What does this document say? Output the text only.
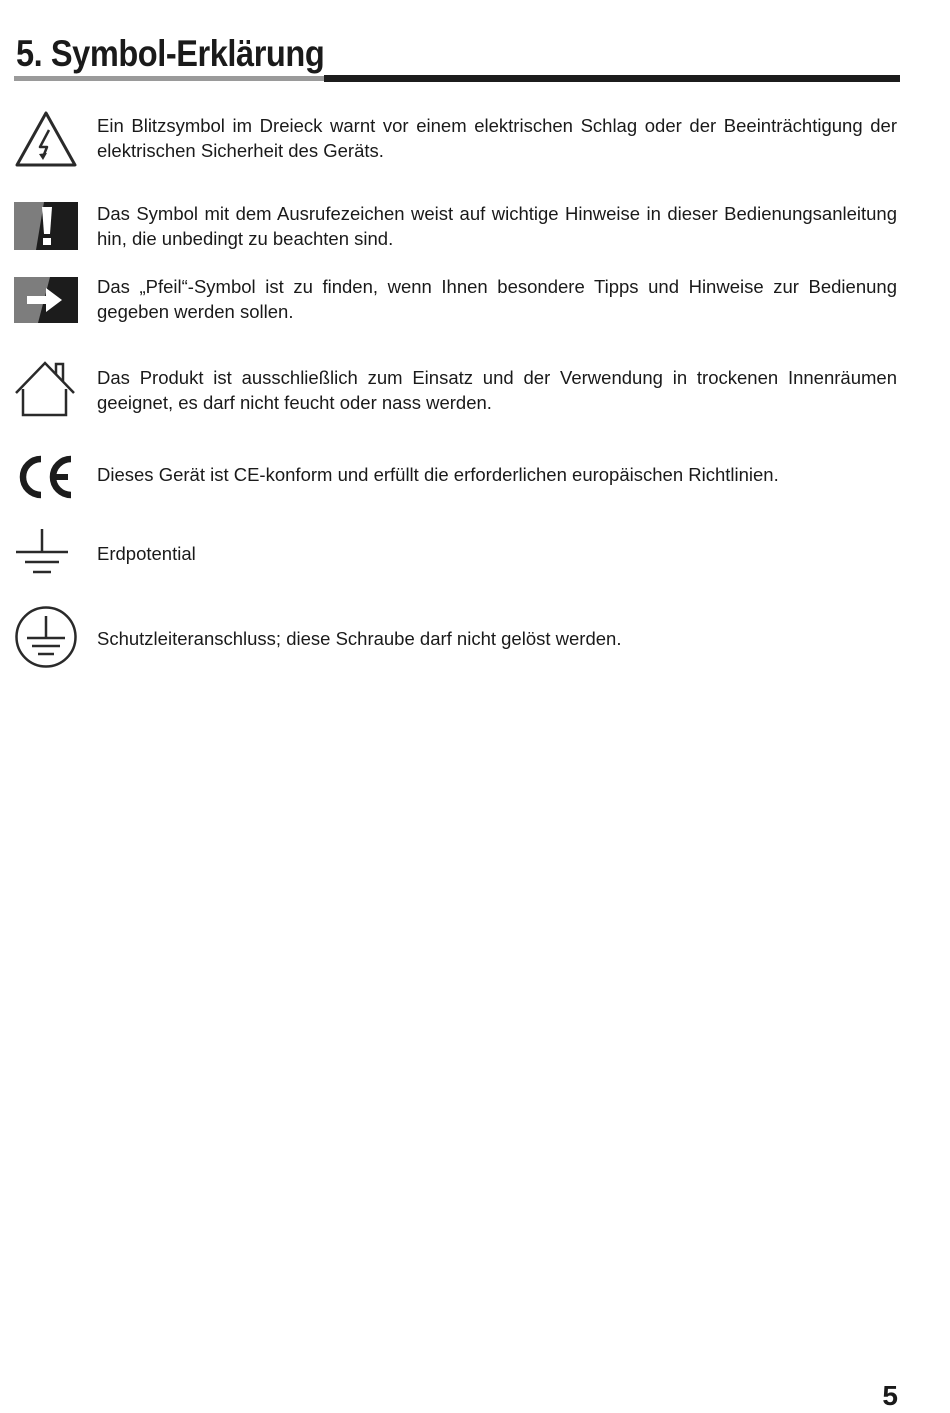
5. Symbol-Erklärung
Ein Blitzsymbol im Dreieck warnt vor einem elektrischen Schlag oder der Beeinträchtigung der elektrischen Sicherheit des Geräts.
Das Symbol mit dem Ausrufezeichen weist auf wichtige Hinweise in dieser Bedienungsanleitung hin, die unbedingt zu beachten sind.
Das „Pfeil“-Symbol ist zu finden, wenn Ihnen besondere Tipps und Hinweise zur Bedienung gegeben werden sollen.
Das Produkt ist ausschließlich zum Einsatz und der Verwendung in trockenen Innenräumen geeignet, es darf nicht feucht oder nass werden.
Dieses Gerät ist CE-konform und erfüllt die erforderlichen europäischen Richtlinien.
Erdpotential
Schutzleiteranschluss; diese Schraube darf nicht gelöst werden.
5
